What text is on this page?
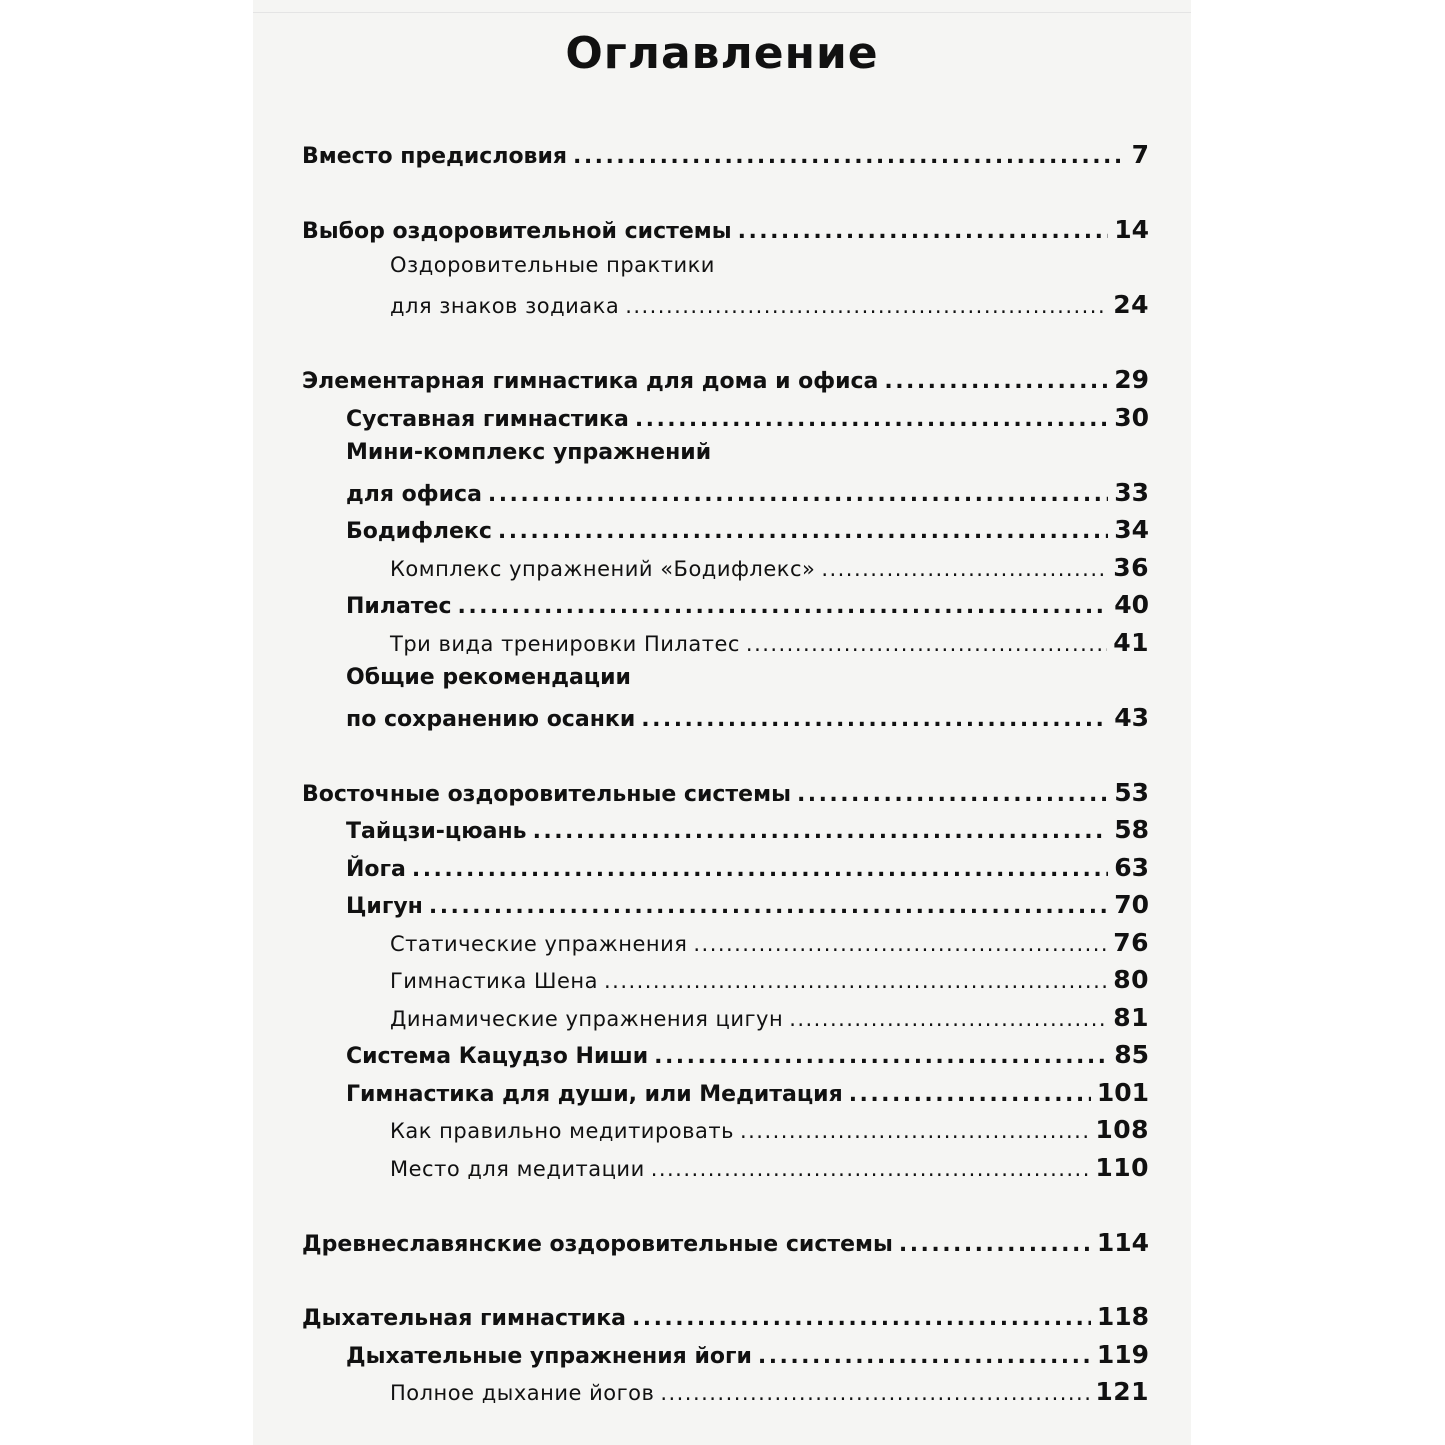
Оглавление
Вместо предисловия . . .	7
Выбор оздоровительной системы . . .	14
Оздоровительные практики
для знаков зодиака . . .	24
Элементарная гимнастика для дома и офиса . . .	29
Суставная гимнастика . . .	30
Мини-комплекс упражнений
для офиса . . .	33
Бодифлекс . . .	34
Комплекс упражнений «Бодифлекс» . . .	36
Пилатес . . .	40
Три вида тренировки Пилатес . . .	41
Общие рекомендации
по сохранению осанки . . .	43
Восточные оздоровительные системы . . .	53
Тайцзи-цюань . . .	58
Йога . . .	63
Цигун . . .	70
Статические упражнения . . .	76
Гимнастика Шена . . .	80
Динамические упражнения цигун . . .	81
Система Кацудзо Ниши . . .	85
Гимнастика для души, или Медитация . . .	101
Как правильно медитировать . . .	108
Место для медитации . . .	110
Древнеславянские оздоровительные системы . . .	114
Дыхательная гимнастика . . .	118
Дыхательные упражнения йоги . . .	119
Полное дыхание йогов . . .	121
